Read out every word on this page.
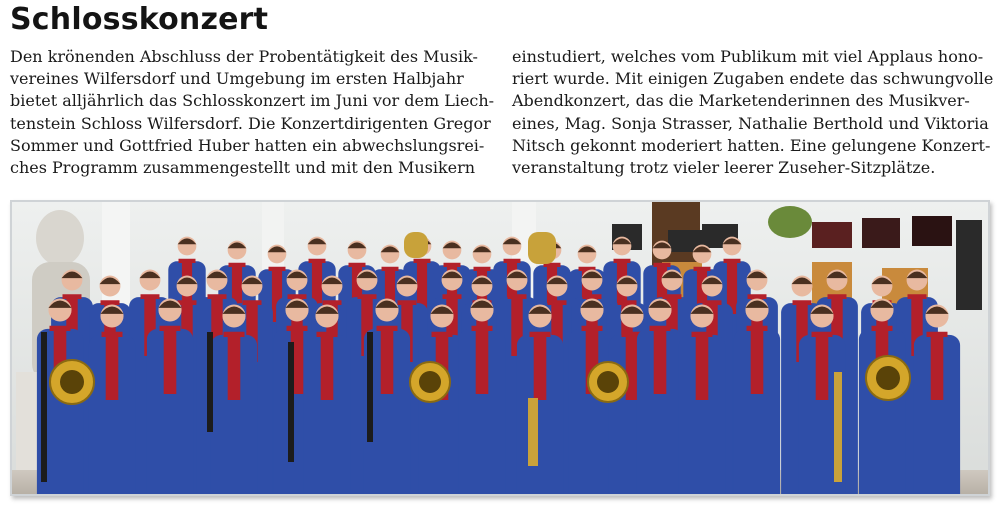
Schlosskonzert
Den krönenden Abschluss der Probentätigkeit des Musik-
vereines Wilfersdorf und Umgebung im ersten Halbjahr
bietet alljährlich das Schlosskonzert im Juni vor dem Liech-
tenstein Schloss Wilfersdorf. Die Konzertdirigenten Gregor
Sommer und Gottfried Huber hatten ein abwechslungsrei-
ches Programm zusammengestellt und mit den Musikern
einstudiert, welches vom Publikum mit viel Applaus hono-
riert wurde. Mit einigen Zugaben endete das schwungvolle
Abendkonzert, das die Marketenderinnen des Musikver-
eines, Mag. Sonja Strasser, Nathalie Berthold und Viktoria
Nitsch gekonnt moderiert hatten. Eine gelungene Konzert-
veranstaltung trotz vieler leerer Zuseher-Sitzplätze.
